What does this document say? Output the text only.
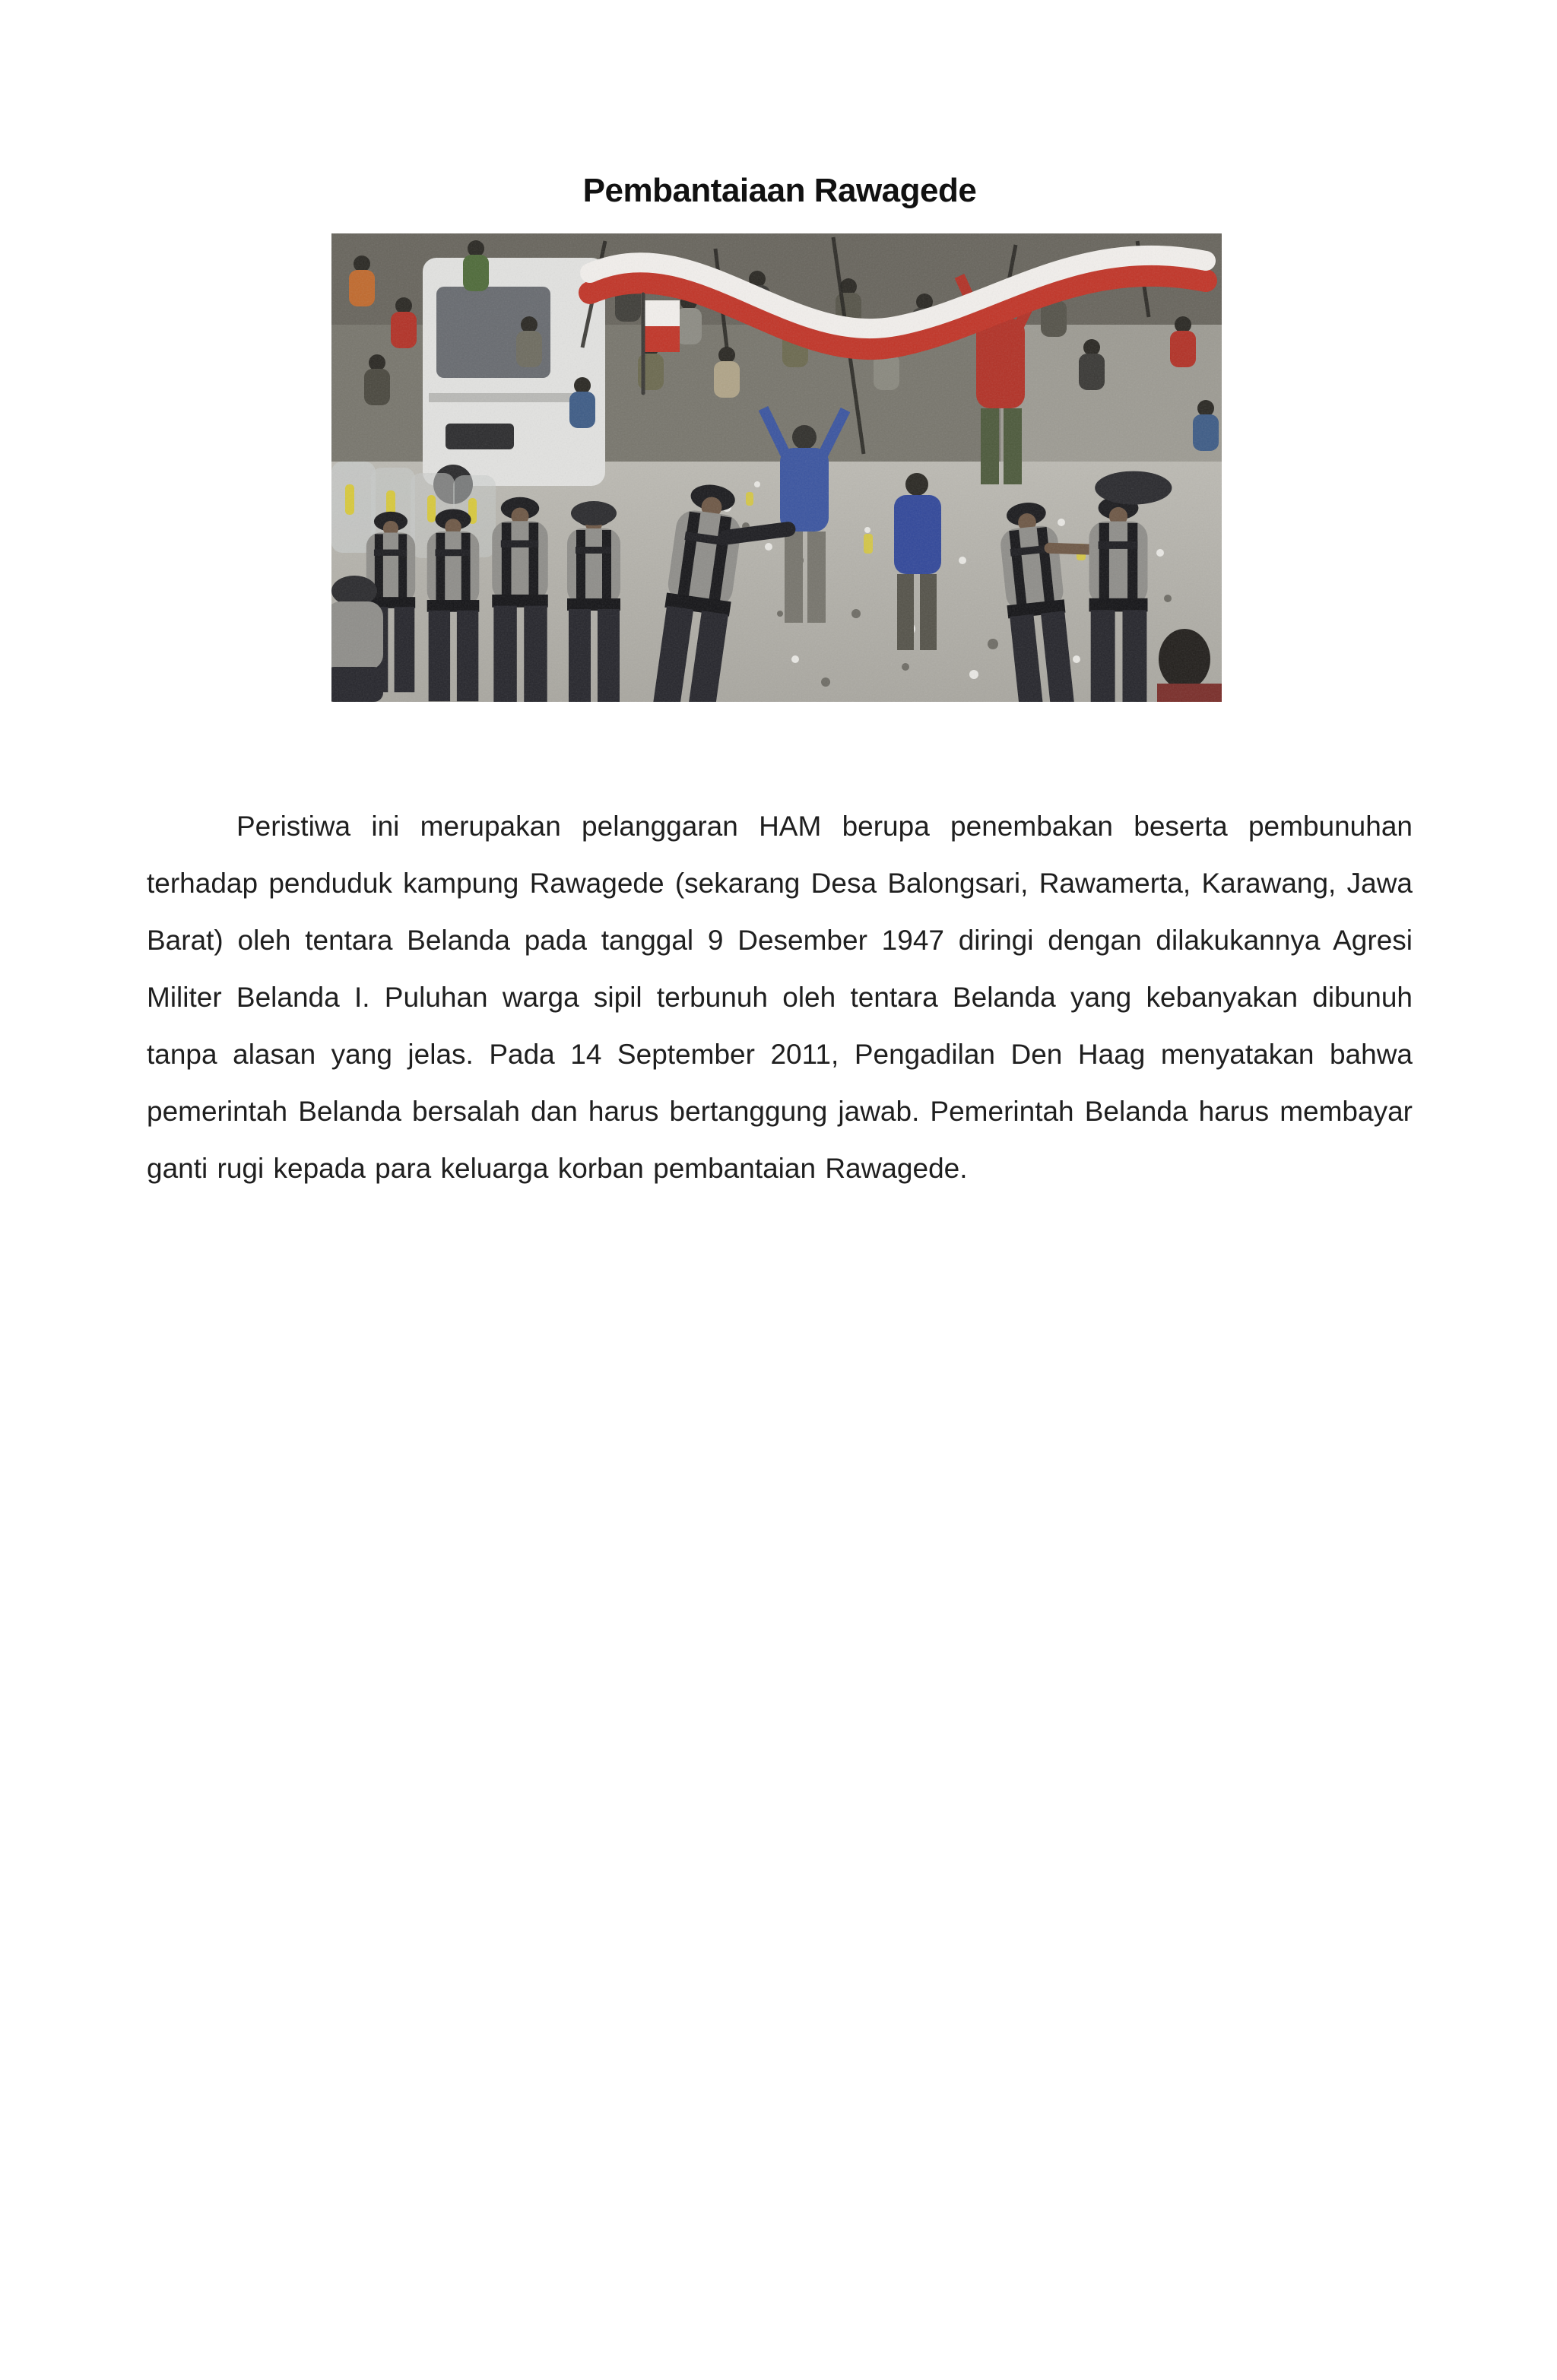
Pembantaiaan Rawagede

Peristiwa ini merupakan pelanggaran HAM berupa penembakan beserta pembunuhan terhadap penduduk kampung Rawagede (sekarang Desa Balongsari, Rawamerta, Karawang, Jawa Barat) oleh tentara Belanda pada tanggal 9 Desember 1947 diringi dengan dilakukannya Agresi Militer Belanda I. Puluhan warga sipil terbunuh oleh tentara Belanda yang kebanyakan dibunuh tanpa alasan yang jelas. Pada 14 September 2011, Pengadilan Den Haag menyatakan bahwa pemerintah Belanda bersalah dan harus bertanggung jawab. Pemerintah Belanda harus membayar ganti rugi kepada para keluarga korban pembantaian Rawagede.
